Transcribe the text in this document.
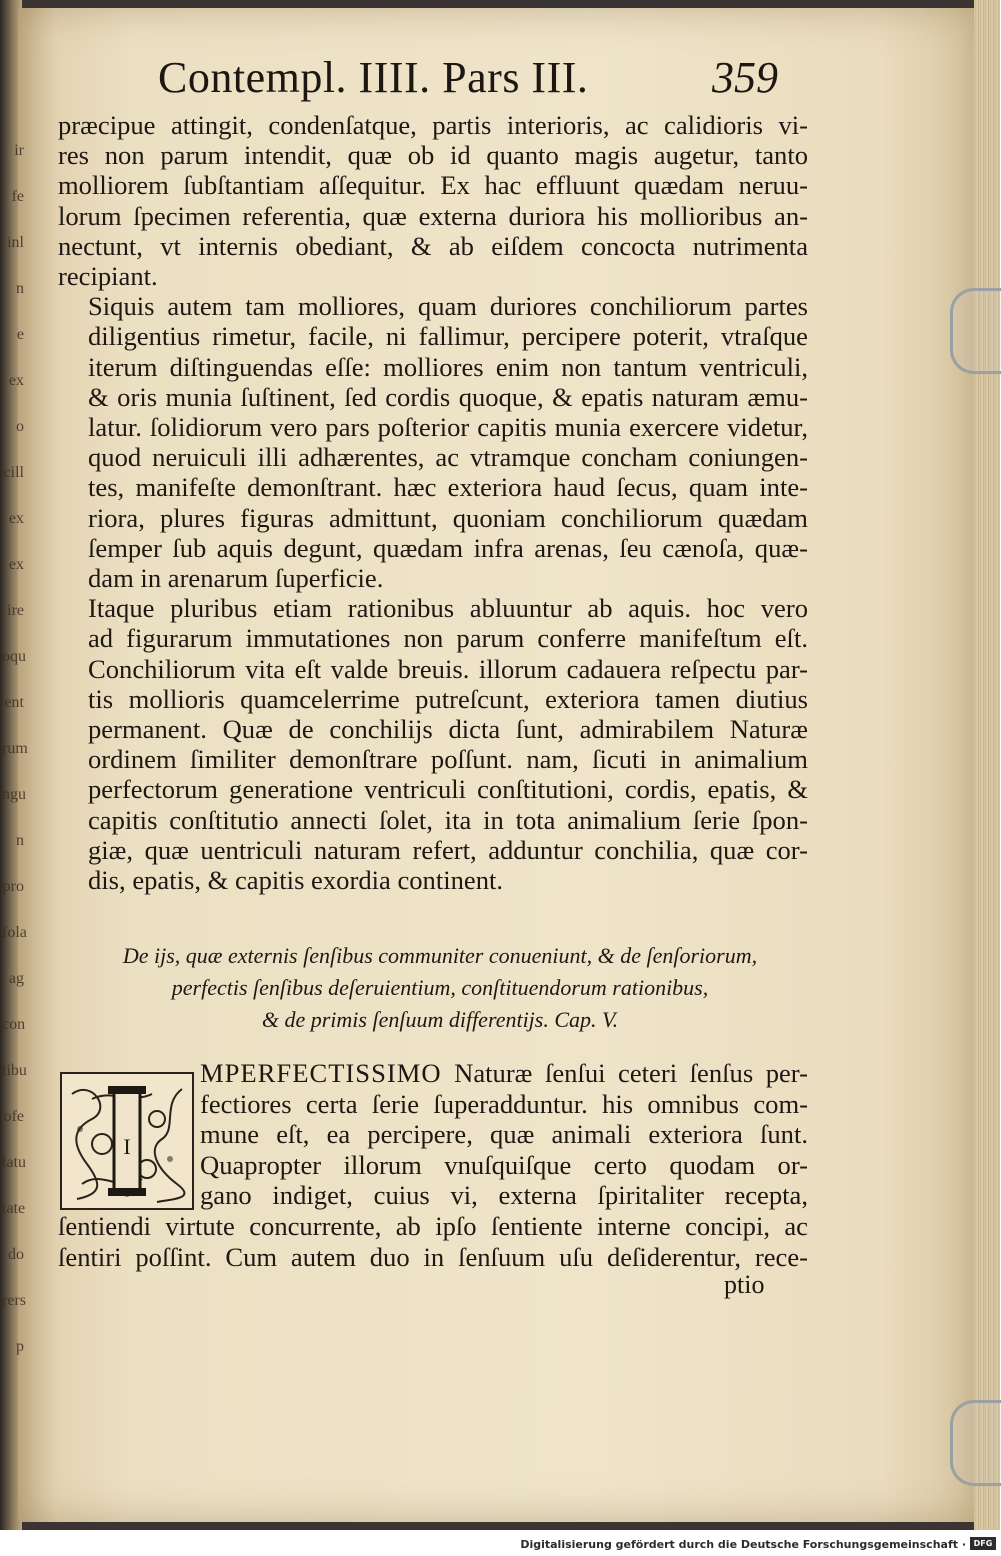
ir
fe
inl
n
e
ex
o
cill
ex
ex
ire
oqu
ent
rum
ngu
n
pro
fola
ag
con
tibu
ofe
latu
tate
do
rers
p
Contempl. IIII. Pars III.	359

præcipue attingit, condenſatque, partis interioris, ac calidioris vi-
res non parum intendit, quæ ob id quanto magis augetur, tanto
molliorem ſubſtantiam aſſequitur. Ex hac effluunt quædam neruu-
lorum ſpecimen referentia, quæ externa duriora his mollioribus an-
nectunt, vt internis obediant, & ab eiſdem concocta nutrimenta
recipiant.

Siquis autem tam molliores, quam duriores conchiliorum partes
diligentius rimetur, facile, ni fallimur, percipere poterit, vtraſque
iterum diſtinguendas eſſe: molliores enim non tantum ventriculi,
& oris munia ſuſtinent, ſed cordis quoque, & epatis naturam æmu-
latur. ſolidiorum vero pars poſterior capitis munia exercere videtur,
quod neruiculi illi adhærentes, ac vtramque concham coniungen-
tes, manifeſte demonſtrant. hæc exteriora haud ſecus, quam inte-
riora, plures figuras admittunt, quoniam conchiliorum quædam
ſemper ſub aquis degunt, quædam infra arenas, ſeu cænoſa, quæ-
dam in arenarum ſuperficie.

Itaque pluribus etiam rationibus abluuntur ab aquis. hoc vero
ad figurarum immutationes non parum conferre manifeſtum eſt.
Conchiliorum vita eſt valde breuis. illorum cadauera reſpectu par-
tis mollioris quamcelerrime putreſcunt, exteriora tamen diutius
permanent. Quæ de conchilijs dicta ſunt, admirabilem Naturæ
ordinem ſimiliter demonſtrare poſſunt. nam, ſicuti in animalium
perfectorum generatione ventriculi conſtitutioni, cordis, epatis, &
capitis conſtitutio annecti ſolet, ita in tota animalium ſerie ſpon-
giæ, quæ uentriculi naturam refert, adduntur conchilia, quæ cor-
dis, epatis, & capitis exordia continent.

De ijs, quæ externis ſenſibus communiter conueniunt, & de ſenſoriorum,
perfectis ſenſibus deſeruientium, conſtituendorum rationibus,
& de primis ſenſuum differentijs. Cap. V.
I
MPERFECTISSIMO Naturæ ſenſui ceteri ſenſus per-
fectiores certa ſerie ſuperadduntur. his omnibus com-
mune eſt, ea percipere, quæ animali exteriora ſunt.
Quapropter illorum vnuſquiſque certo quodam or-
gano indiget, cuius vi, externa ſpiritaliter recepta,
ſentiendi virtute concurrente, ab ipſo ſentiente interne concipi, ac
ſentiri poſſint. Cum autem duo in ſenſuum uſu deſiderentur, rece-
ptio
Digitalisierung gefördert durch die Deutsche Forschungsgemeinschaft · DFG
